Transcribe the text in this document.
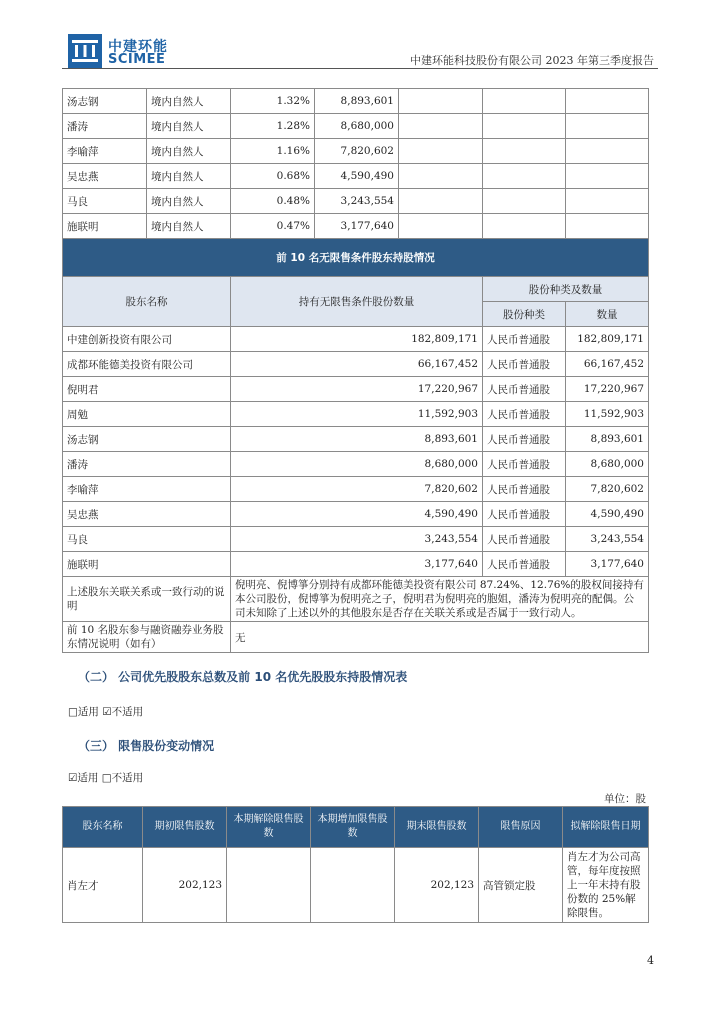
中建环能
SCIMEE	中建环能科技股份有限公司 2023 年第三季度报告
汤志钢	境内自然人	1.32%	8,893,601			
潘涛	境内自然人	1.28%	8,680,000			
李喻萍	境内自然人	1.16%	7,820,602			
吴忠燕	境内自然人	0.68%	4,590,490			
马良	境内自然人	0.48%	3,243,554			
施联明	境内自然人	0.47%	3,177,640			
前 10 名无限售条件股东持股情况						
股东名称		持有无限售条件股份数量			股份种类及数量	
					股份种类	数量
中建创新投资有限公司		182,809,171			人民币普通股	182,809,171
成都环能德美投资有限公司		66,167,452			人民币普通股	66,167,452
倪明君		17,220,967			人民币普通股	17,220,967
周勉		11,592,903			人民币普通股	11,592,903
汤志钢		8,893,601			人民币普通股	8,893,601
潘涛		8,680,000			人民币普通股	8,680,000
李喻萍		7,820,602			人民币普通股	7,820,602
吴忠燕		4,590,490			人民币普通股	4,590,490
马良		3,243,554			人民币普通股	3,243,554
施联明		3,177,640			人民币普通股	3,177,640
上述股东关联关系或一致行动的说明		倪明亮、倪博箏分别持有成都环能德美投资有限公司 87.24%、12.76%的股权间接持有本公司股份，倪博箏为倪明亮之子，倪明君为倪明亮的胞姐，潘涛为倪明亮的配偶。公司未知除了上述以外的其他股东是否存在关联关系或是否属于一致行动人。				
前 10 名股东参与融资融券业务股东情况说明（如有）		无				
（二） 公司优先股股东总数及前 10 名优先股股东持股情况表
□适用 ☑不适用
（三） 限售股份变动情况
☑适用 □不适用
单位：股
股东名称	期初限售股数	本期解除限售股数	本期增加限售股数	期末限售股数	限售原因	拟解除限售日期
肖左才	202,123			202,123	高管锁定股	肖左才为公司高管，每年度按照上一年末持有股份数的 25%解除限售。
4
